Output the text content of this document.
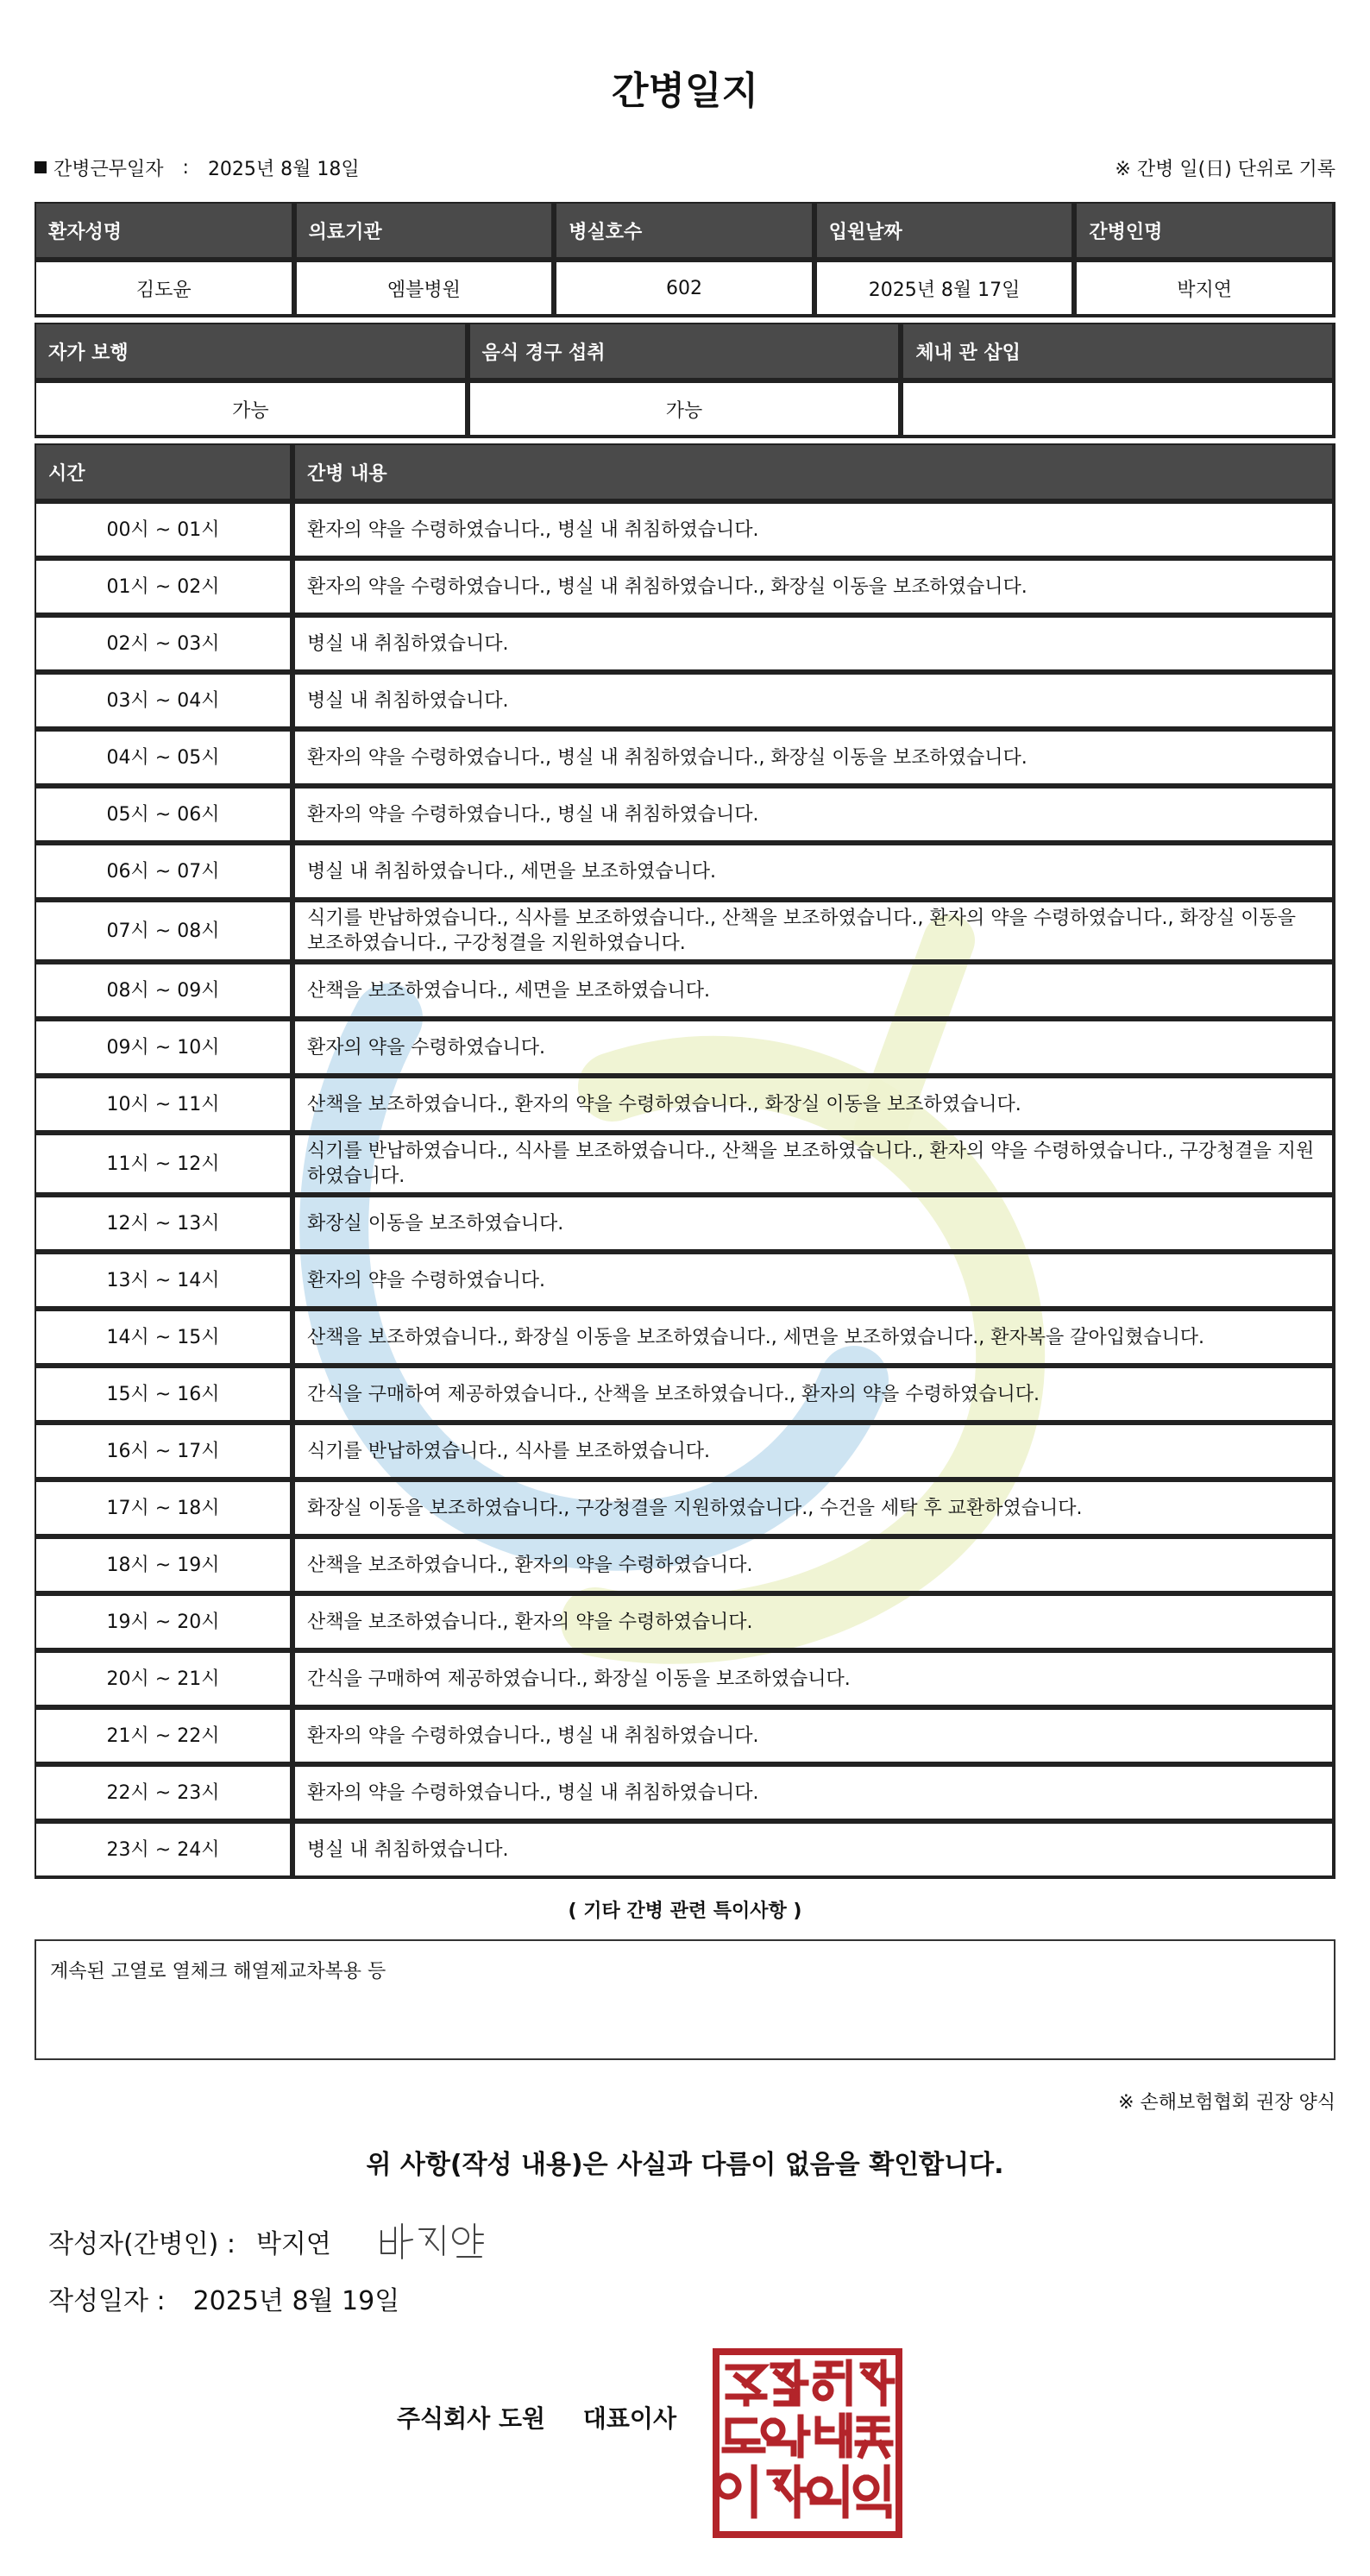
간병일지
간병근무일자 : 2025년 8월 18일	※ 간병 일(日) 단위로 기록
환자성명	의료기관	병실호수	입원날짜	간병인명
김도윤	엠블병원	602	2025년 8월 17일	박지연
자가 보행	음식 경구 섭취	체내 관 삽입
가능	가능	
시간	간병 내용
00시 ~ 01시	환자의 약을 수령하였습니다., 병실 내 취침하였습니다.
01시 ~ 02시	환자의 약을 수령하였습니다., 병실 내 취침하였습니다., 화장실 이동을 보조하였습니다.
02시 ~ 03시	병실 내 취침하였습니다.
03시 ~ 04시	병실 내 취침하였습니다.
04시 ~ 05시	환자의 약을 수령하였습니다., 병실 내 취침하였습니다., 화장실 이동을 보조하였습니다.
05시 ~ 06시	환자의 약을 수령하였습니다., 병실 내 취침하였습니다.
06시 ~ 07시	병실 내 취침하였습니다., 세면을 보조하였습니다.
07시 ~ 08시	식기를 반납하였습니다., 식사를 보조하였습니다., 산책을 보조하였습니다., 환자의 약을 수령하였습니다., 화장실 이동을 보조하였습니다., 구강청결을 지원하였습니다.
08시 ~ 09시	산책을 보조하였습니다., 세면을 보조하였습니다.
09시 ~ 10시	환자의 약을 수령하였습니다.
10시 ~ 11시	산책을 보조하였습니다., 환자의 약을 수령하였습니다., 화장실 이동을 보조하였습니다.
11시 ~ 12시	식기를 반납하였습니다., 식사를 보조하였습니다., 산책을 보조하였습니다., 환자의 약을 수령하였습니다., 구강청결을 지원하였습니다.
12시 ~ 13시	화장실 이동을 보조하였습니다.
13시 ~ 14시	환자의 약을 수령하였습니다.
14시 ~ 15시	산책을 보조하였습니다., 화장실 이동을 보조하였습니다., 세면을 보조하였습니다., 환자복을 갈아입혔습니다.
15시 ~ 16시	간식을 구매하여 제공하였습니다., 산책을 보조하였습니다., 환자의 약을 수령하였습니다.
16시 ~ 17시	식기를 반납하였습니다., 식사를 보조하였습니다.
17시 ~ 18시	화장실 이동을 보조하였습니다., 구강청결을 지원하였습니다., 수건을 세탁 후 교환하였습니다.
18시 ~ 19시	산책을 보조하였습니다., 환자의 약을 수령하였습니다.
19시 ~ 20시	산책을 보조하였습니다., 환자의 약을 수령하였습니다.
20시 ~ 21시	간식을 구매하여 제공하였습니다., 화장실 이동을 보조하였습니다.
21시 ~ 22시	환자의 약을 수령하였습니다., 병실 내 취침하였습니다.
22시 ~ 23시	환자의 약을 수령하였습니다., 병실 내 취침하였습니다.
23시 ~ 24시	병실 내 취침하였습니다.
( 기타 간병 관련 특이사항 )
계속된 고열로 열체크 해열제교차복용 등
※ 손해보험협회 권장 양식
위 사항(작성 내용)은 사실과 다름이 없음을 확인합니다.
작성자(간병인) : 박지연
작성일자 : 2025년 8월 19일
주식회사 도원 대표이사
